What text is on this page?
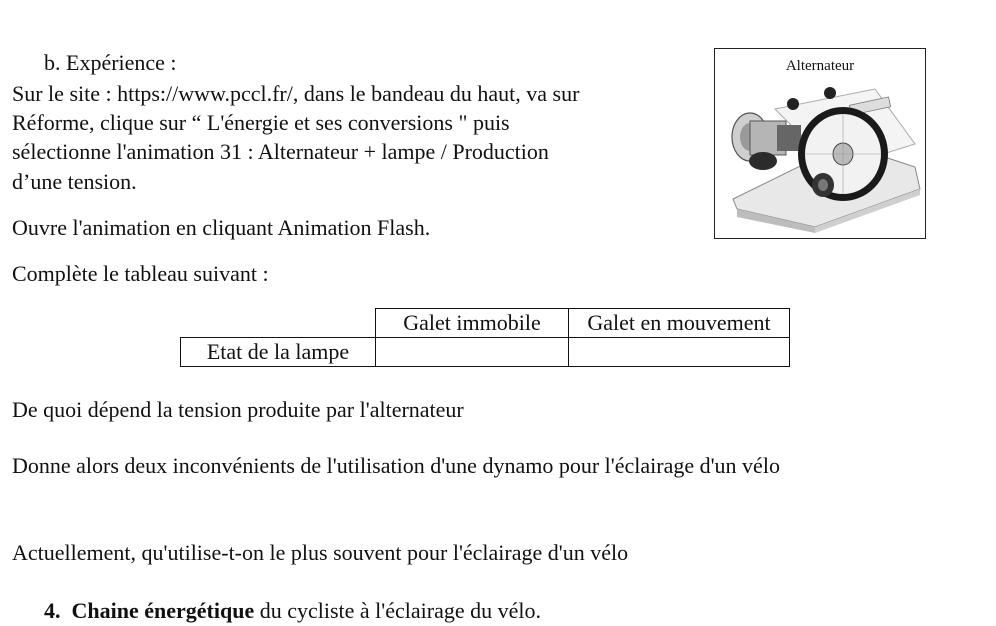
b. Expérience :
Sur le site : https://www.pccl.fr/, dans le bandeau du haut, va sur
Réforme, clique sur “ L'énergie et ses conversions " puis
sélectionne l'animation 31 : Alternateur + lampe / Production
d’une tension.
Ouvre l'animation en cliquant Animation Flash.
Complète le tableau suivant :
Alternateur
	Galet immobile	Galet en mouvement
Etat de la lampe		
De quoi dépend la tension produite par l'alternateur
Donne alors deux inconvénients de l'utilisation d'une dynamo pour l'éclairage d'un vélo
Actuellement, qu'utilise-t-on le plus souvent pour l'éclairage d'un vélo
4. Chaine énergétique du cycliste à l'éclairage du vélo.
